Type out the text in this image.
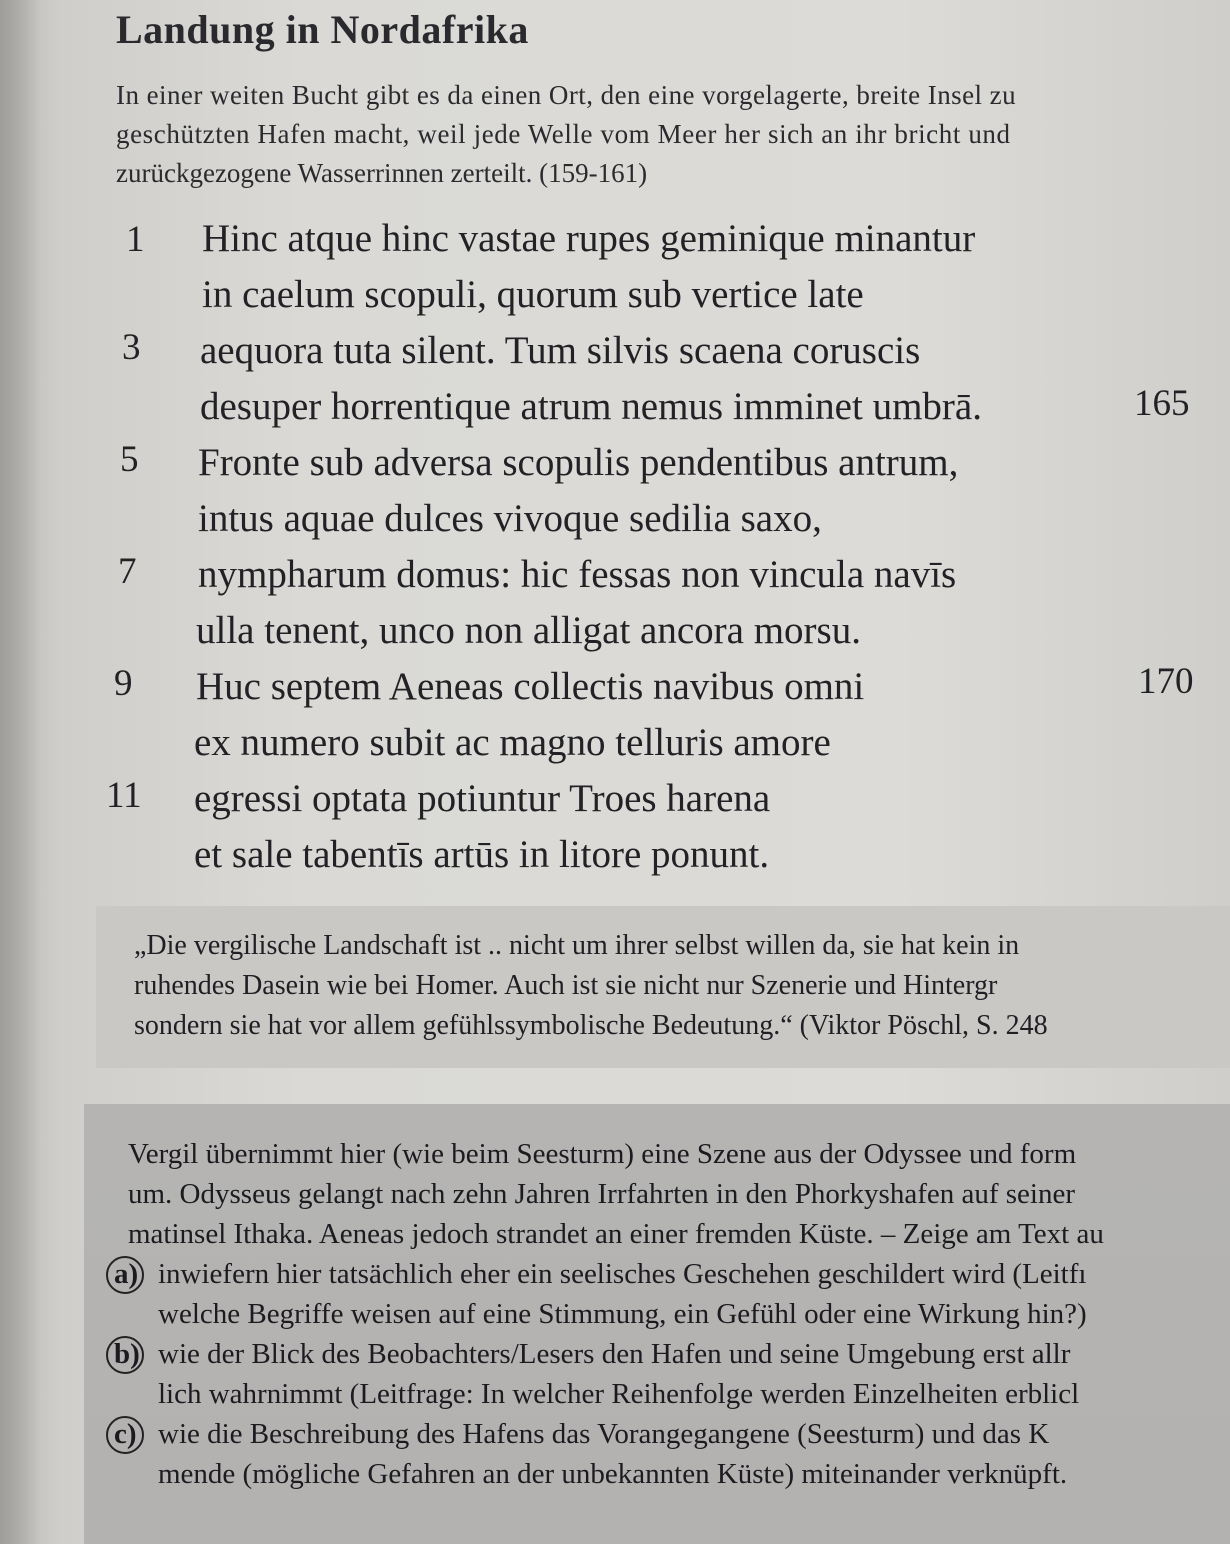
Landung in Nordafrika
In einer weiten Bucht gibt es da einen Ort, den eine vorgelagerte, breite Insel zu
geschützten Hafen macht, weil jede Welle vom Meer her sich an ihr bricht und
zurückgezogene Wasserrinnen zerteilt. (159-161)
1
3
5
7
9
11
165
170
Hinc atque hinc vastae rupes geminique minantur
in caelum scopuli, quorum sub vertice late
aequora tuta silent. Tum silvis scaena coruscis
desuper horrentique atrum nemus imminet umbrā.
Fronte sub adversa scopulis pendentibus antrum,
intus aquae dulces vivoque sedilia saxo,
nympharum domus: hic fessas non vincula navīs
ulla tenent, unco non alligat ancora morsu.
Huc septem Aeneas collectis navibus omni
ex numero subit ac magno telluris amore
egressi optata potiuntur Troes harena
et sale tabentīs artūs in litore ponunt.
„Die vergilische Landschaft ist .. nicht um ihrer selbst willen da, sie hat kein in
ruhendes Dasein wie bei Homer. Auch ist sie nicht nur Szenerie und Hintergr
sondern sie hat vor allem gefühlssymbolische Bedeutung.“ (Viktor Pöschl, S. 248
Vergil übernimmt hier (wie beim Seesturm) eine Szene aus der Odyssee und form
um. Odysseus gelangt nach zehn Jahren Irrfahrten in den Phorkyshafen auf seiner
matinsel Ithaka. Aeneas jedoch strandet an einer fremden Küste. – Zeige am Text au
a) inwiefern hier tatsächlich eher ein seelisches Geschehen geschildert wird (Leitfı
welche Begriffe weisen auf eine Stimmung, ein Gefühl oder eine Wirkung hin?)
b) wie der Blick des Beobachters/Lesers den Hafen und seine Umgebung erst allr
lich wahrnimmt (Leitfrage: In welcher Reihenfolge werden Einzelheiten erblicl
c) wie die Beschreibung des Hafens das Vorangegangene (Seesturm) und das K
mende (mögliche Gefahren an der unbekannten Küste) miteinander verknüpft.
